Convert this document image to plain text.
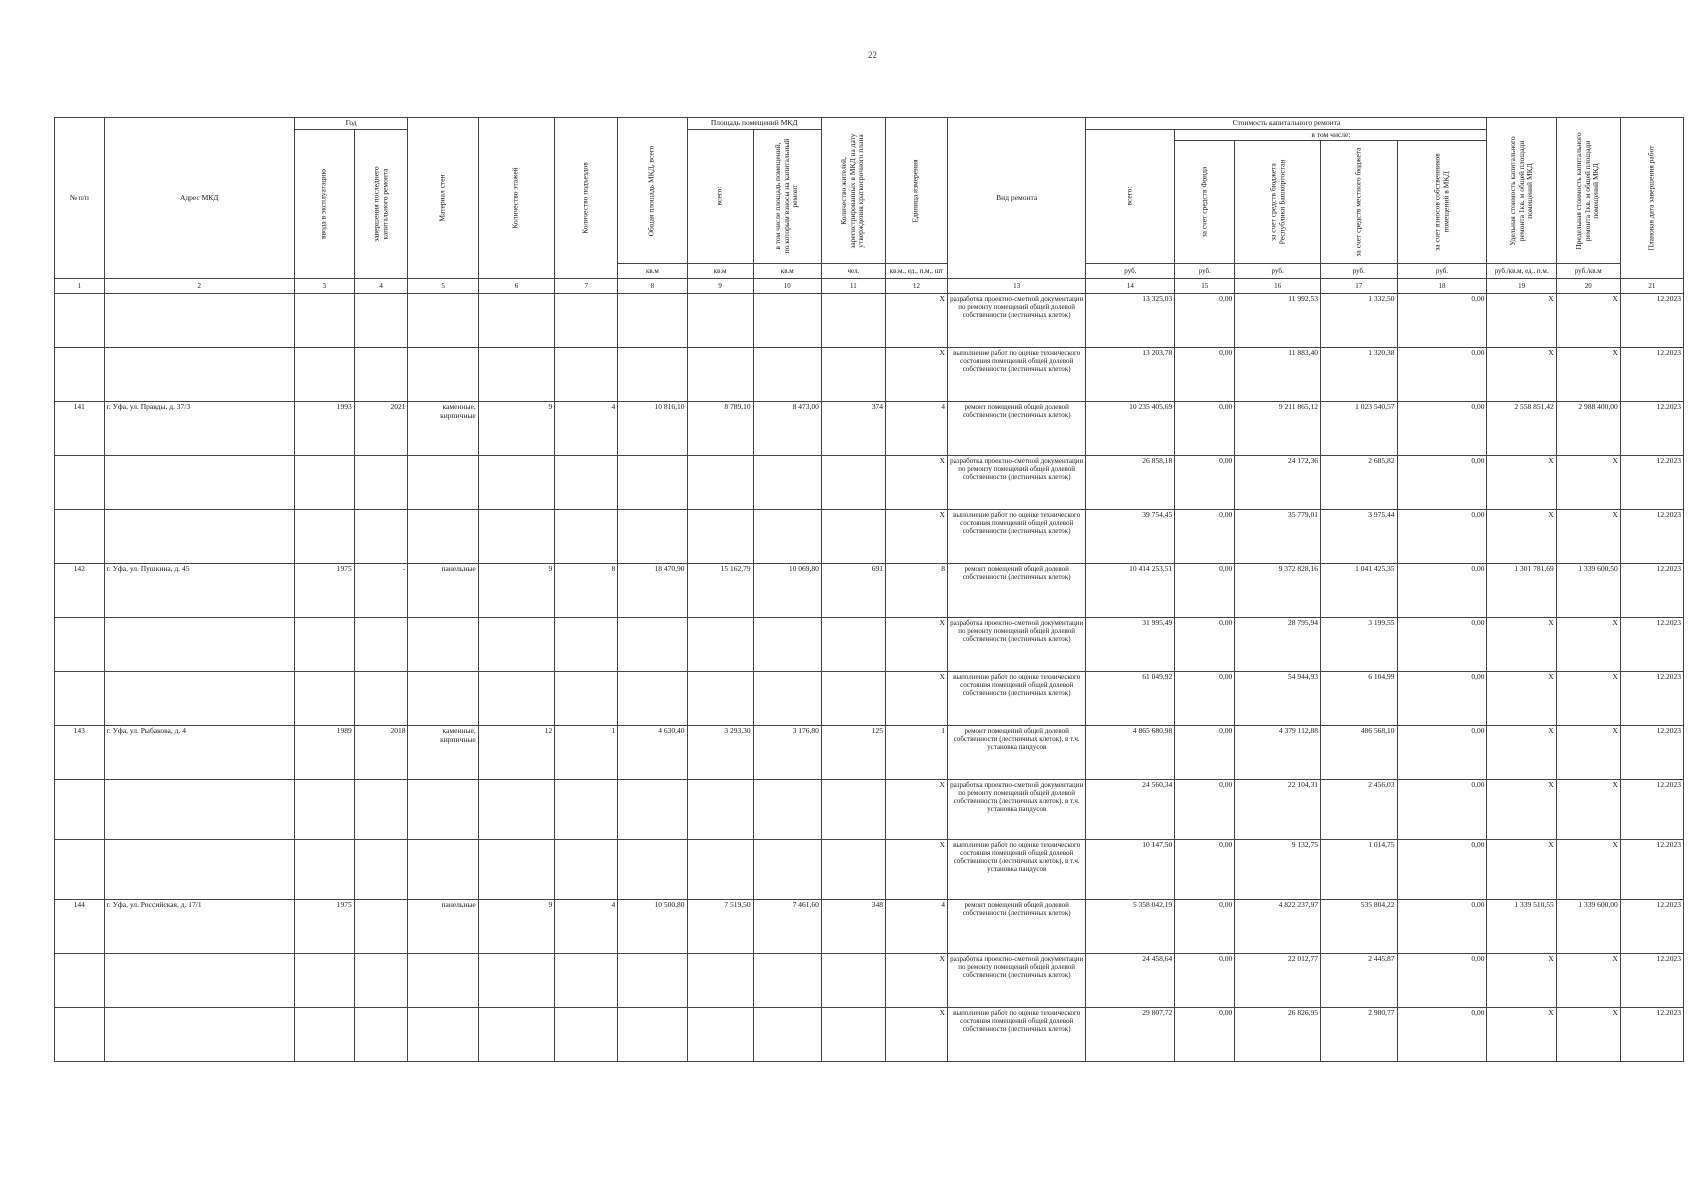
22
№ п/п	Адрес МКД	Год		Материал стен	Количество этажей	Количество подъездов	Общая площадь МКД, всего	Площадь помещений МКД		Количество жителей, зарегистрированных в МКД на дату утверждения краткосрочного плана	Единица измерения	Вид ремонта	Стоимость капитального ремонта					Удельная стоимость капитального ремонта 1кв. м общей площади помещений МКД	Предельная стоимость капитального ремонта 1кв. м общей площади помещений МКД	Плановая дата завершения работ

		ввода в эксплуатацию	завершения последнего капитального ремонта					всего:	в том числе площадь помещений, по которым взносы на капитальный ремонт				всего:	в том числе:						

														за счет средств Фонда	за счет средств бюджета Республики Башкортостан	за счет средств местного бюджета	за счет взносов собственников помещений в МКД			

							кв.м	кв.м	кв.м	чел.	кв.м., ед., п.м., шт		руб.	руб.	руб.	руб.	руб.	руб./кв.м, ед., п.м.	руб./кв.м	
1	2	3	4	5	6	7	8	9	10	11	12	13	14	15	16	17	18	19	20	21
											X	разработка проектно-сметной документации по ремонту помещений общей долевой собственности (лестничных клеток)	13 325,03	0,00	11 992,53	1 332,50	0,00	X	X	12.2023
											X	выполнение работ по оценке технического состояния помещений общей долевой собственности (лестничных клеток)	13 203,78	0,00	11 883,40	1 320,38	0,00	X	X	12.2023
141	г. Уфа, ул. Правды, д. 37/3	1993	2021	каменные, кирпичные	9	4	10 816,10	8 789,10	8 473,00	374	4	ремонт помещений общей долевой собственности (лестничных клеток)	10 235 405,69	0,00	9 211 865,12	1 023 540,57	0,00	2 558 851,42	2 988 400,00	12.2023
											X	разработка проектно-сметной документации по ремонту помещений общей долевой собственности (лестничных клеток)	26 858,18	0,00	24 172,36	2 685,82	0,00	X	X	12.2023
											X	выполнение работ по оценке технического состояния помещений общей долевой собственности (лестничных клеток)	39 754,45	0,00	35 779,01	3 975,44	0,00	X	X	12.2023
142	г. Уфа, ул. Пушкина, д. 45	1975	-	панельные	9	8	18 470,90	15 162,79	10 069,80	691	8	ремонт помещений общей долевой собственности (лестничных клеток)	10 414 253,51	0,00	9 372 828,16	1 041 425,35	0,00	1 301 781,69	1 339 600,50	12.2023
											X	разработка проектно-сметной документации по ремонту помещений общей долевой собственности (лестничных клеток)	31 995,49	0,00	28 795,94	3 199,55	0,00	X	X	12.2023
											X	выполнение работ по оценке технического состояния помещений общей долевой собственности (лестничных клеток)	61 049,92	0,00	54 944,93	6 104,99	0,00	X	X	12.2023
143	г. Уфа, ул. Рыбакова, д. 4	1989	2018	каменные, кирпичные	12	1	4 630,40	3 293,30	3 176,80	125	1	ремонт помещений общей долевой собственности (лестничных клеток), в т.ч. установка пандусов	4 865 680,98	0,00	4 379 112,88	486 568,10	0,00	X	X	12.2023
											X	разработка проектно-сметной документации по ремонту помещений общей долевой собственности (лестничных клеток), в т.ч. установка пандусов	24 560,34	0,00	22 104,31	2 456,03	0,00	X	X	12.2023
											X	выполнение работ по оценке технического состояния помещений общей долевой собственности (лестничных клеток), в т.ч. установка пандусов	10 147,50	0,00	9 132,75	1 014,75	0,00	X	X	12.2023
144	г. Уфа, ул. Российская, д. 17/1	1975		панельные	9	4	10 500,80	7 519,50	7 461,60	348	4	ремонт помещений общей долевой собственности (лестничных клеток)	5 358 042,19	0,00	4 822 237,97	535 804,22	0,00	1 339 510,55	1 339 600,00	12.2023
											X	разработка проектно-сметной документации по ремонту помещений общей долевой собственности (лестничных клеток)	24 458,64	0,00	22 012,77	2 445,87	0,00	X	X	12.2023
											X	выполнение работ по оценке технического состояния помещений общей долевой собственности (лестничных клеток)	29 807,72	0,00	26 826,95	2 980,77	0,00	X	X	12.2023
